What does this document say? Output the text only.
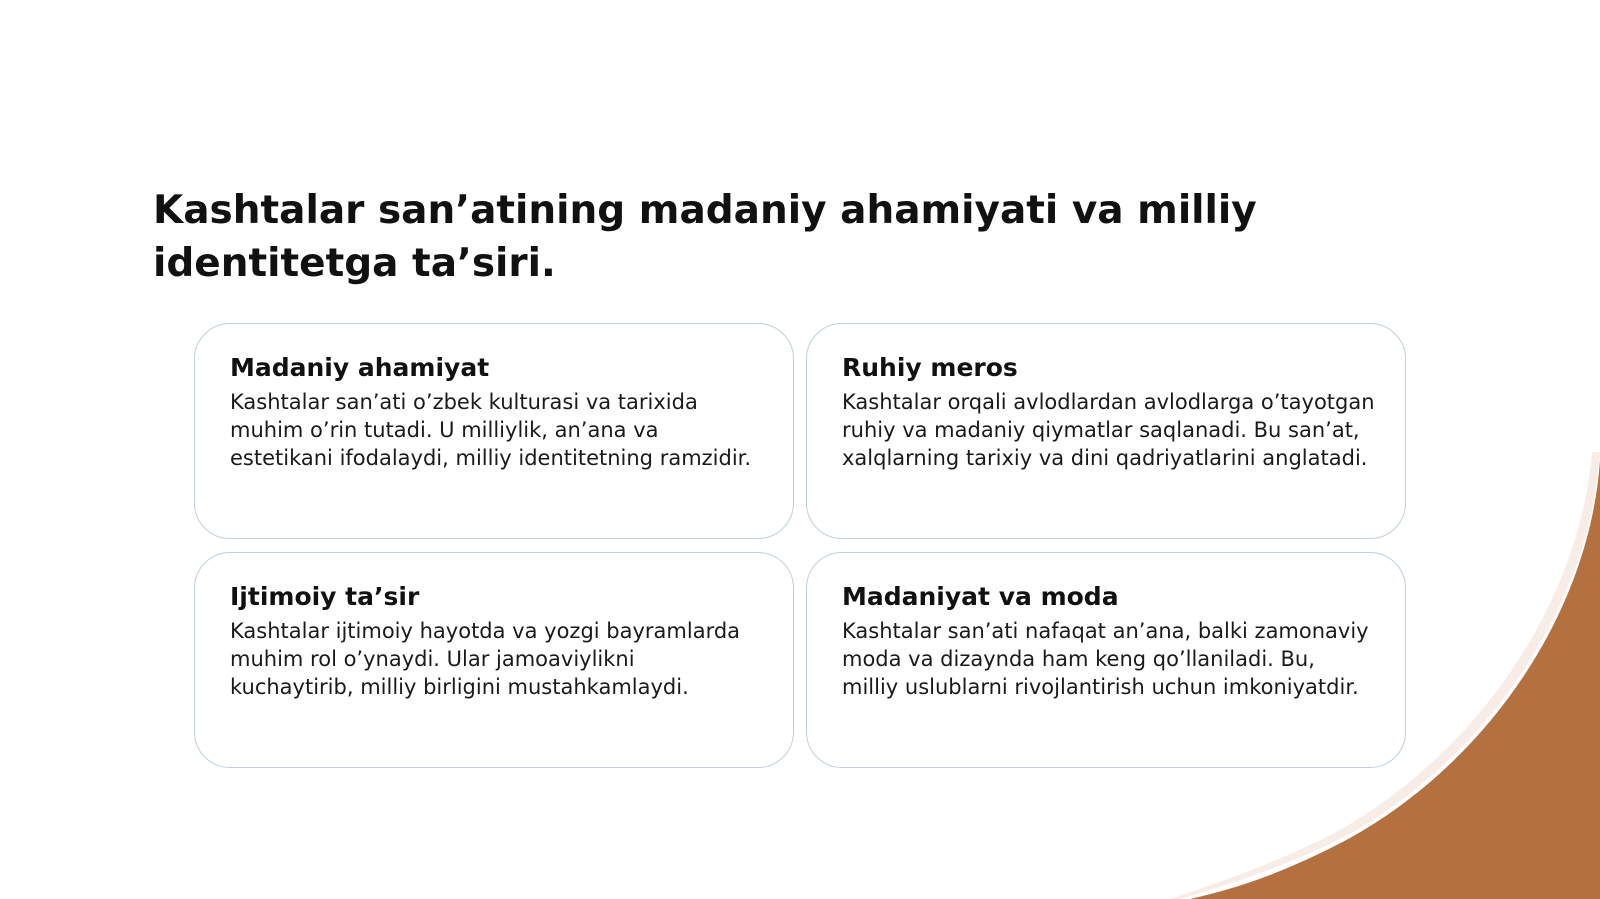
Kashtalar san’atining madaniy ahamiyati va milliy identitetga ta’siri.
Madaniy ahamiyat

Kashtalar san’ati o’zbek kulturasi va tarixida muhim o’rin tutadi. U milliylik, an’ana va estetikani ifodalaydi, milliy identitetning ramzidir.

Ruhiy meros

Kashtalar orqali avlodlardan avlodlarga o’tayotgan ruhiy va madaniy qiymatlar saqlanadi. Bu san’at, xalqlarning tarixiy va dini qadriyatlarini anglatadi.

Ijtimoiy ta’sir

Kashtalar ijtimoiy hayotda va yozgi bayramlarda muhim rol o’ynaydi. Ular jamoaviylikni kuchaytirib, milliy birligini mustahkamlaydi.

Madaniyat va moda

Kashtalar san’ati nafaqat an’ana, balki zamonaviy moda va dizaynda ham keng qo’llaniladi. Bu, milliy uslublarni rivojlantirish uchun imkoniyatdir.
